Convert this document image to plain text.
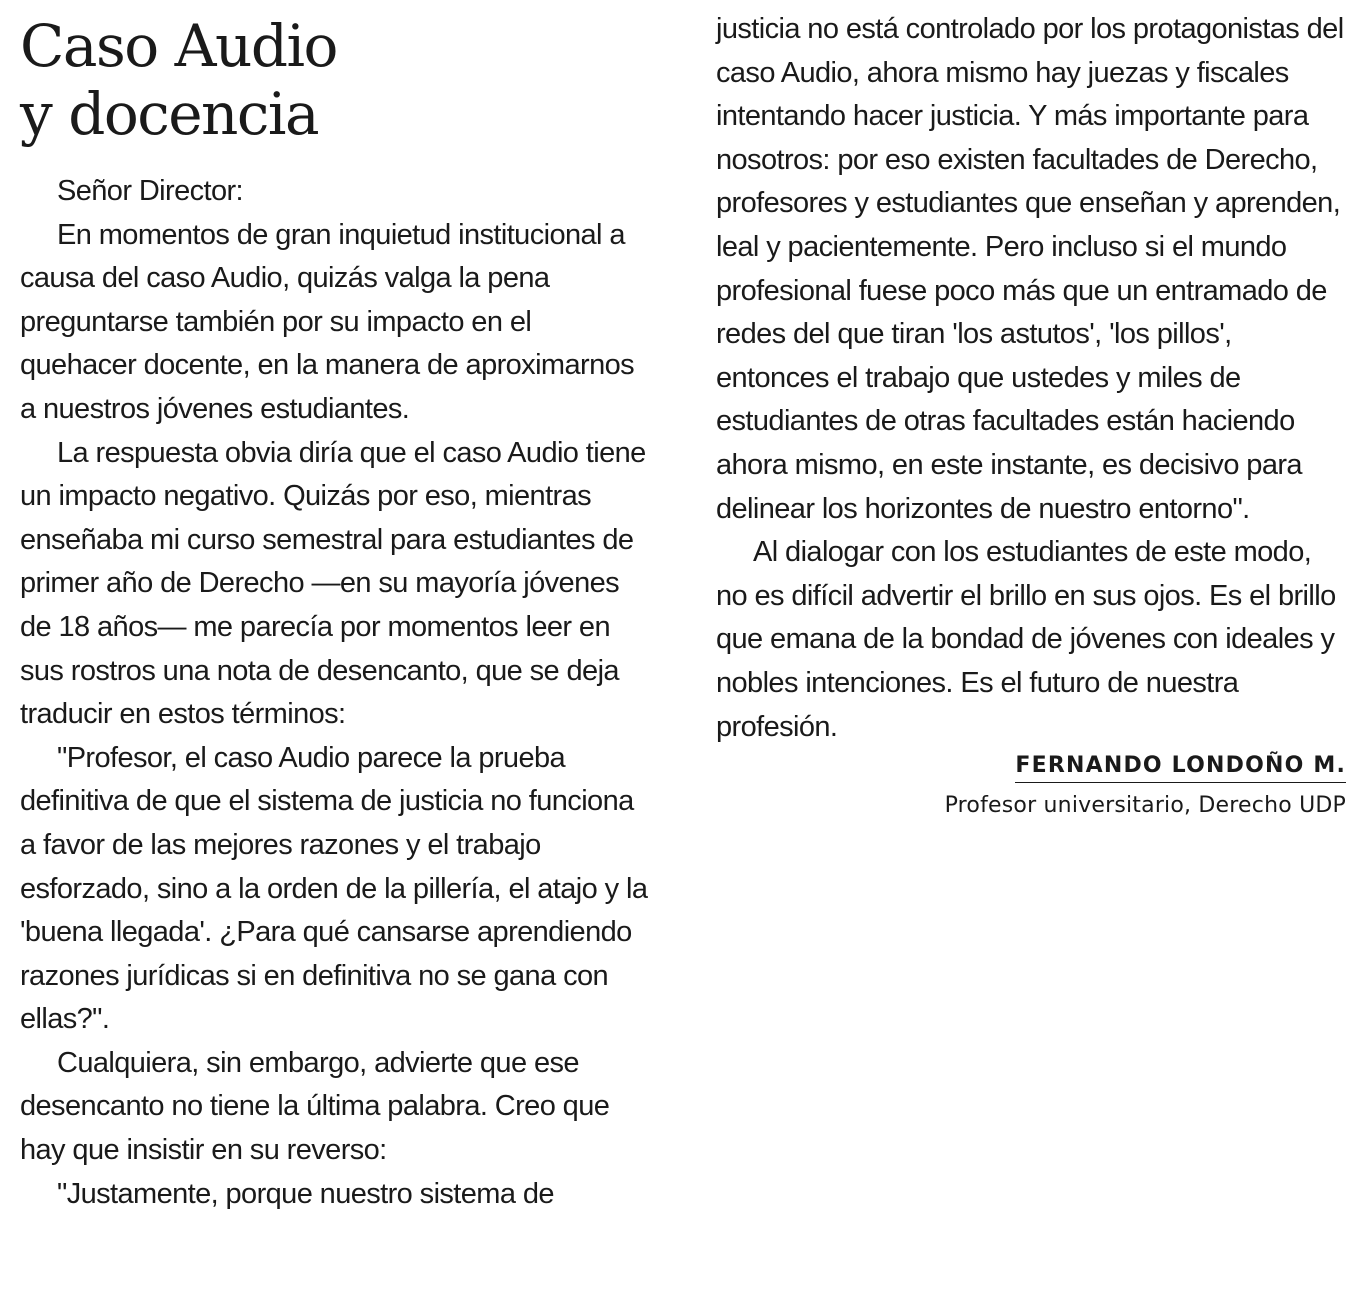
Caso Audio
y docencia

Señor Director:

En momentos de gran inquietud institucional a causa del caso Audio, quizás valga la pena preguntarse también por su impacto en el quehacer docente, en la manera de aproximarnos a nuestros jóvenes estudiantes.

La respuesta obvia diría que el caso Audio tiene un impacto negativo. Quizás por eso, mientras enseñaba mi curso semestral para estudiantes de primer año de Derecho —en su mayoría jóvenes de 18 años— me parecía por momentos leer en sus rostros una nota de desencanto, que se deja traducir en estos términos:

"Profesor, el caso Audio parece la prueba definitiva de que el sistema de justicia no funciona a favor de las mejores razones y el trabajo esforzado, sino a la orden de la pillería, el atajo y la 'buena llegada'. ¿Para qué cansarse aprendiendo razones jurídicas si en definitiva no se gana con ellas?".

Cualquiera, sin embargo, advierte que ese desencanto no tiene la última palabra. Creo que hay que insistir en su reverso:

"Justamente, porque nuestro sistema de

justicia no está controlado por los protagonistas del caso Audio, ahora mismo hay juezas y fiscales intentando hacer justicia. Y más importante para nosotros: por eso existen facultades de Derecho, profesores y estudiantes que enseñan y aprenden, leal y pacientemente. Pero incluso si el mundo profesional fuese poco más que un entramado de redes del que tiran 'los astutos', 'los pillos', entonces el trabajo que ustedes y miles de estudiantes de otras facultades están haciendo ahora mismo, en este instante, es decisivo para delinear los horizontes de nuestro entorno".

Al dialogar con los estudiantes de este modo, no es difícil advertir el brillo en sus ojos. Es el brillo que emana de la bondad de jóvenes con ideales y nobles intenciones. Es el futuro de nuestra profesión.

FERNANDO LONDOÑO M.
Profesor universitario, Derecho UDP
